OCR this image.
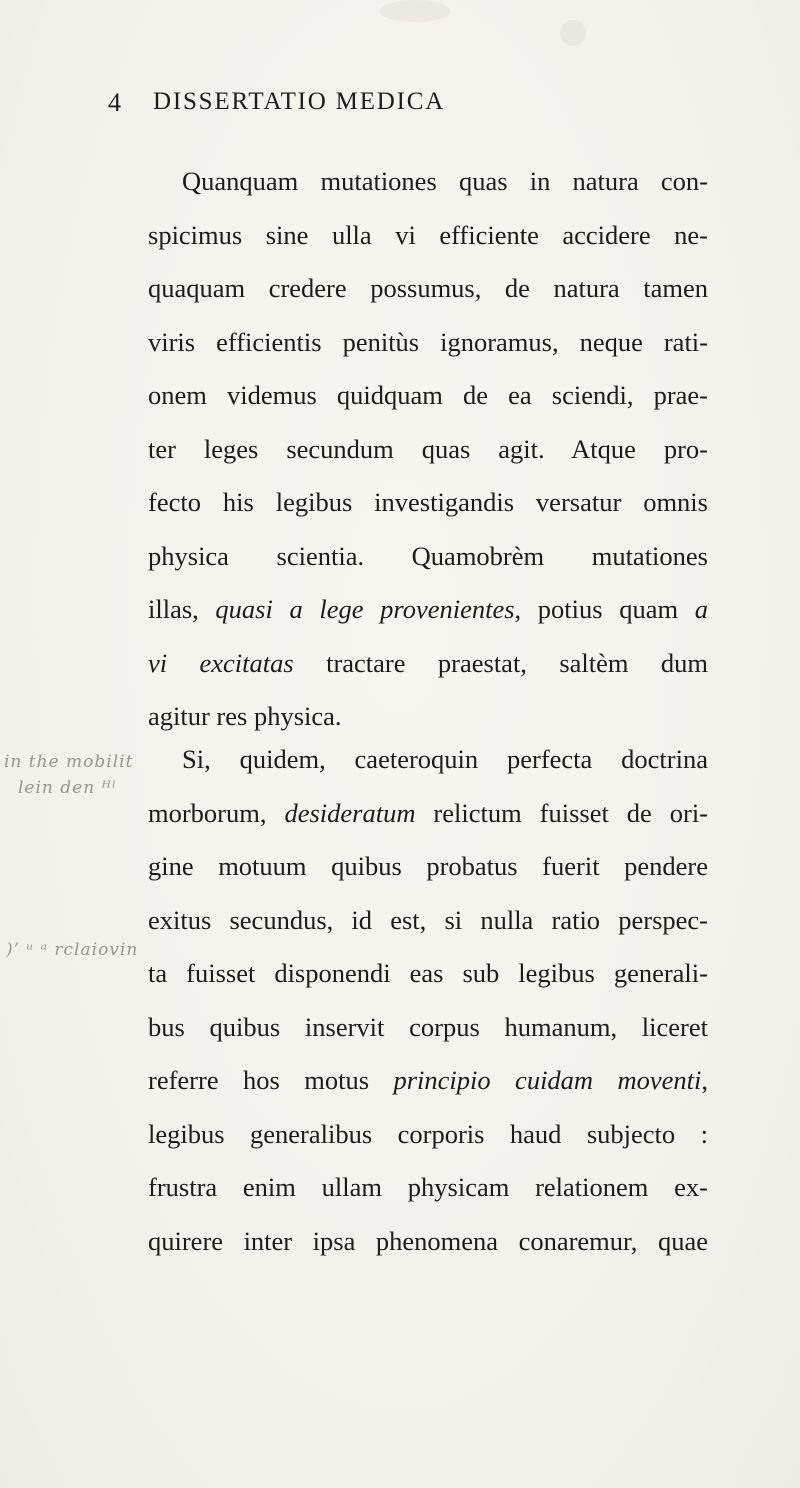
4 DISSERTATIO MEDICA
Quanquam mutationes quas in natura con-
spicimus sine ulla vi efficiente accidere ne-
quaquam credere possumus, de natura tamen
viris efficientis penitùs ignoramus, neque rati-
onem videmus quidquam de ea sciendi, prae-
ter leges secundum quas agit. Atque pro-
fecto his legibus investigandis versatur omnis
physica scientia. Quamobrèm mutationes
illas, quasi a lege provenientes, potius quam a
vi excitatas tractare praestat, saltèm dum
agitur res physica.
in the mobilit
lein den ᴴˡ
)’ ᵘ ᵃ rclaiovin
Si, quidem, caeteroquin perfecta doctrina
morborum, desideratum relictum fuisset de ori-
gine motuum quibus probatus fuerit pendere
exitus secundus, id est, si nulla ratio perspec-
ta fuisset disponendi eas sub legibus generali-
bus quibus inservit corpus humanum, liceret
referre hos motus principio cuidam moventi,
legibus generalibus corporis haud subjecto :
frustra enim ullam physicam relationem ex-
quirere inter ipsa phenomena conaremur, quae
